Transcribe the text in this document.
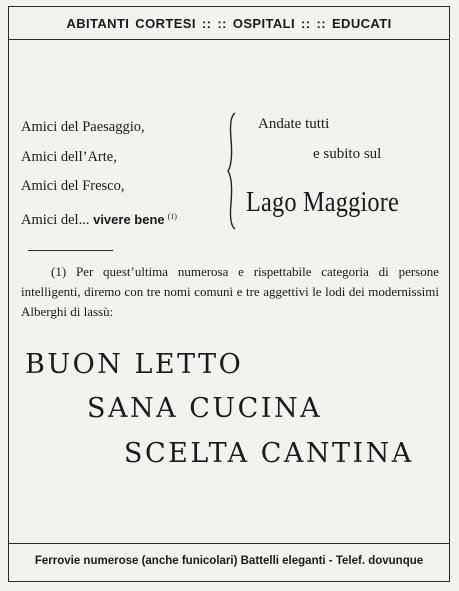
ABITANTI CORTESI :: :: OSPITALI :: :: EDUCATI
Amici del Paesaggio,
Amici dell’Arte,
Amici del Fresco,
Amici del... vivere bene $^{(1)}$
Andate tutti
e subito sul
Lago Maggiore
(1) Per quest’ultima numerosa e rispettabile categoria di persone intelligenti, diremo con tre nomi comuni e tre aggettivi le lodi dei modernissimi Alberghi di lassù:
BUON LETTO
SANA CUCINA
SCELTA CANTINA
Ferrovie numerose (anche funicolari) Battelli eleganti - Telef. dovunque
